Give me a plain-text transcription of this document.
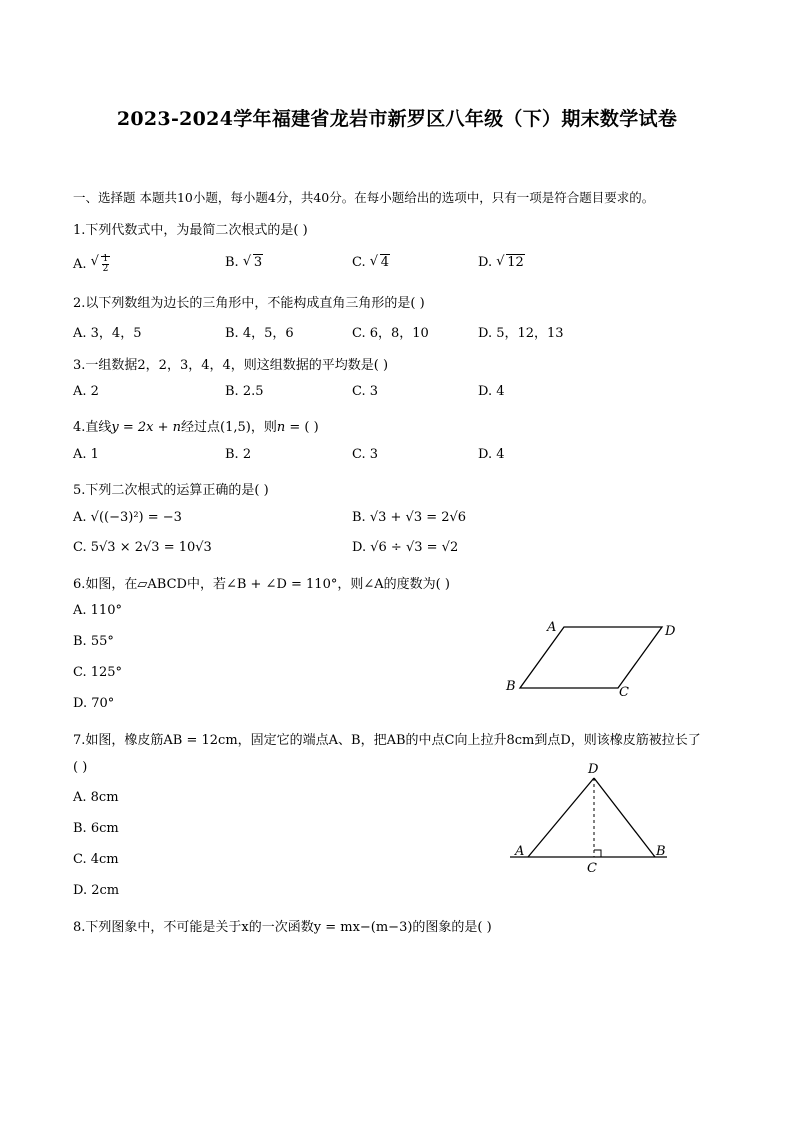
2023-2024学年福建省龙岩市新罗区八年级（下）期末数学试卷
一、选择题 本题共10小题，每小题4分，共40分。在每小题给出的选项中，只有一项是符合题目要求的。
1.下列代数式中，为最简二次根式的是( )
A.
√ $\frac{1}{2}$	B. √ 3	C. √ 4	D. √ 12
2.以下列数组为边长的三角形中，不能构成直角三角形的是( )
A. 3，4，5	B. 4，5，6	C. 6，8，10	D. 5，12，13
3.一组数据2，2，3，4，4，则这组数据的平均数是( )
A. 2	B. 2.5	C. 3	D. 4
4.直线y = 2x + n经过点(1,5)，则n = ( )
A. 1	B. 2	C. 3	D. 4
5.下列二次根式的运算正确的是( )
A. √((−3)²) = −3	B. √3 + √3 = 2√6
C. 5√3 × 2√3 = 10√3	D. √6 ÷ √3 = √2
6.如图，在▱ABCD中，若∠B + ∠D = 110°，则∠A的度数为( )
A. 110°
B. 55°
C. 125°
D. 70°
A	D
B	C
7.如图，橡皮筋AB = 12cm，固定它的端点A、B，把AB的中点C向上拉升8cm到点D，则该橡皮筋被拉长了
( )
A. 8cm
B. 6cm
C. 4cm
D. 2cm
D
A	B
C
8.下列图象中，不可能是关于x的一次函数y = mx−(m−3)的图象的是( )
